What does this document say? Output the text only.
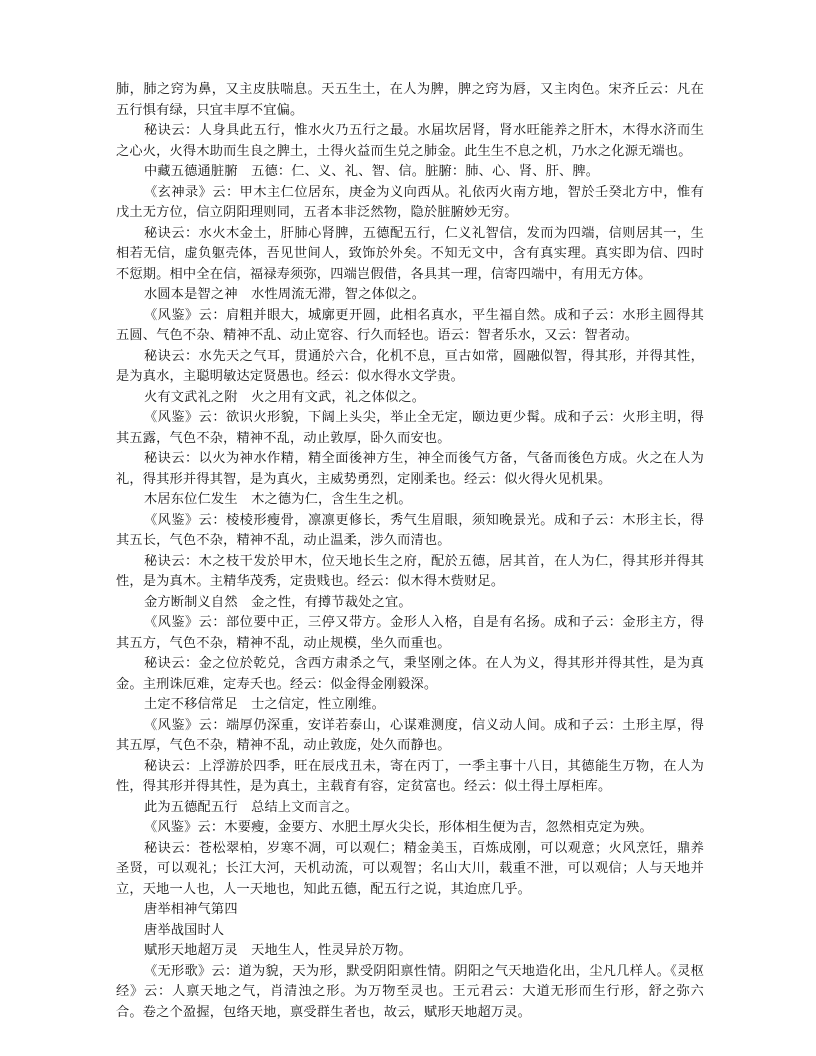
肺，肺之窍为鼻，又主皮肤喘息。天五生土，在人为脾，脾之窍为唇，又主肉色。宋齐丘云：凡在五行惧有绿，只宜丰厚不宜偏。

秘诀云：人身具此五行，惟水火乃五行之最。水届坎居肾，肾水旺能养之肝木，木得水济而生之心火，火得木助而生良之脾土，土得火益而生兑之肺金。此生生不息之机，乃水之化源无端也。

中藏五德通脏腑　五德：仁、义、礼、智、信。脏腑：肺、心、肾、肝、脾。

《玄神录》云：甲木主仁位居东，庚金为义向西从。礼依丙火南方地，智於壬癸北方中，惟有戊土无方位，信立阴阳理则同，五者本非泛然物，隐於脏腑妙无穷。

秘诀云：水火木金土，肝肺心肾脾，五德配五行，仁义礼智信，发而为四端，信则居其一，生相若无信，虚负躯壳体，吾见世间人，致饰於外矣。不知无文中，含有真实理。真实即为信、四时不愆期。相中全在信，福禄寿须弥，四端岂假借，各具其一理，信寄四端中，有用无方体。

水圆本是智之神　水性周流无滞，智之体似之。

《风鉴》云：肩粗并眼大，城廓更开圆，此相名真水，平生福自然。成和子云：水形主圆得其五圆、气色不杂、精神不乱、动止宽容、行久而轻也。语云：智者乐水，又云：智者动。

秘诀云：水先天之气耳，贯通於六合，化机不息，亘古如常，圆融似智，得其形，并得其性，是为真水，主聪明敏达定贤愚也。经云：似水得水文学贵。

火有文武礼之附　火之用有文武，礼之体似之。

《风鉴》云：欲识火形貌，下阔上头尖，举止全无定，颐边更少髯。成和子云：火形主明，得其五露，气色不杂，精神不乱，动止敦厚，卧久而安也。

秘诀云：以火为神水作精，精全面後神方生，神全而後气方备，气备而後色方成。火之在人为礼，得其形并得其智，是为真火，主威势勇烈，定刚柔也。经云：似火得火见机果。

木居东位仁发生　木之德为仁，含生生之机。

《风鉴》云：棱棱形瘦骨，凛凛更修长，秀气生眉眼，须知晚景光。成和子云：木形主长，得其五长，气色不杂，精神不乱，动止温柔，涉久而清也。

秘诀云：木之枝干发於甲木，位天地长生之府，配於五德，居其首，在人为仁，得其形并得其性，是为真木。主精华茂秀，定贵贱也。经云：似木得木赀财足。

金方断制义自然　金之性，有撙节裁处之宜。

《风鉴》云：部位要中正，三停又带方。金形人入格，自是有名扬。成和子云：金形主方，得其五方，气色不杂，精神不乱，动止规模，坐久而重也。

秘诀云：金之位於乾兑，含西方肃杀之气，秉坚刚之体。在人为义，得其形并得其性，是为真金。主刑诛厄难，定寿夭也。经云：似金得金刚毅深。

土定不移信常足　士之信定，性立刚维。

《风鉴》云：端厚仍深重，安详若泰山，心谋难测度，信义动人间。成和子云：土形主厚，得其五厚，气色不杂，精神不乱，动止敦庞，处久而静也。

秘诀云：上浮游於四季，旺在辰戌丑未，寄在丙丁，一季主事十八日，其德能生万物，在人为性，得其形并得其性，是为真土，主载育有容，定贫富也。经云：似土得土厚柜库。

此为五德配五行　总结上文而言之。

《风鉴》云：木要瘦，金要方、水肥土厚火尖长，形体相生便为吉，忽然相克定为殃。

秘诀云：苍松翠柏，岁寒不凋，可以观仁；精金美玉，百炼成刚，可以观意；火风烹饪，鼎养圣贤，可以观礼；长江大河，天机动流，可以观智；名山大川，载重不泄，可以观信；人与天地并立，天地一人也，人一天地也，知此五德，配五行之说，其迨庶几乎。

唐举相神气第四

唐举战国时人

赋形天地超万灵　天地生人，性灵异於万物。

《无形歌》云：道为貌，天为形，默受阴阳禀性情。阴阳之气天地造化出，尘凡几样人。《灵枢经》云：人禀天地之气，肖清浊之形。为万物至灵也。王元君云：大道无形而生行形，舒之弥六合。卷之个盈握，包络天地，禀受群生者也，故云，赋形天地超万灵。
